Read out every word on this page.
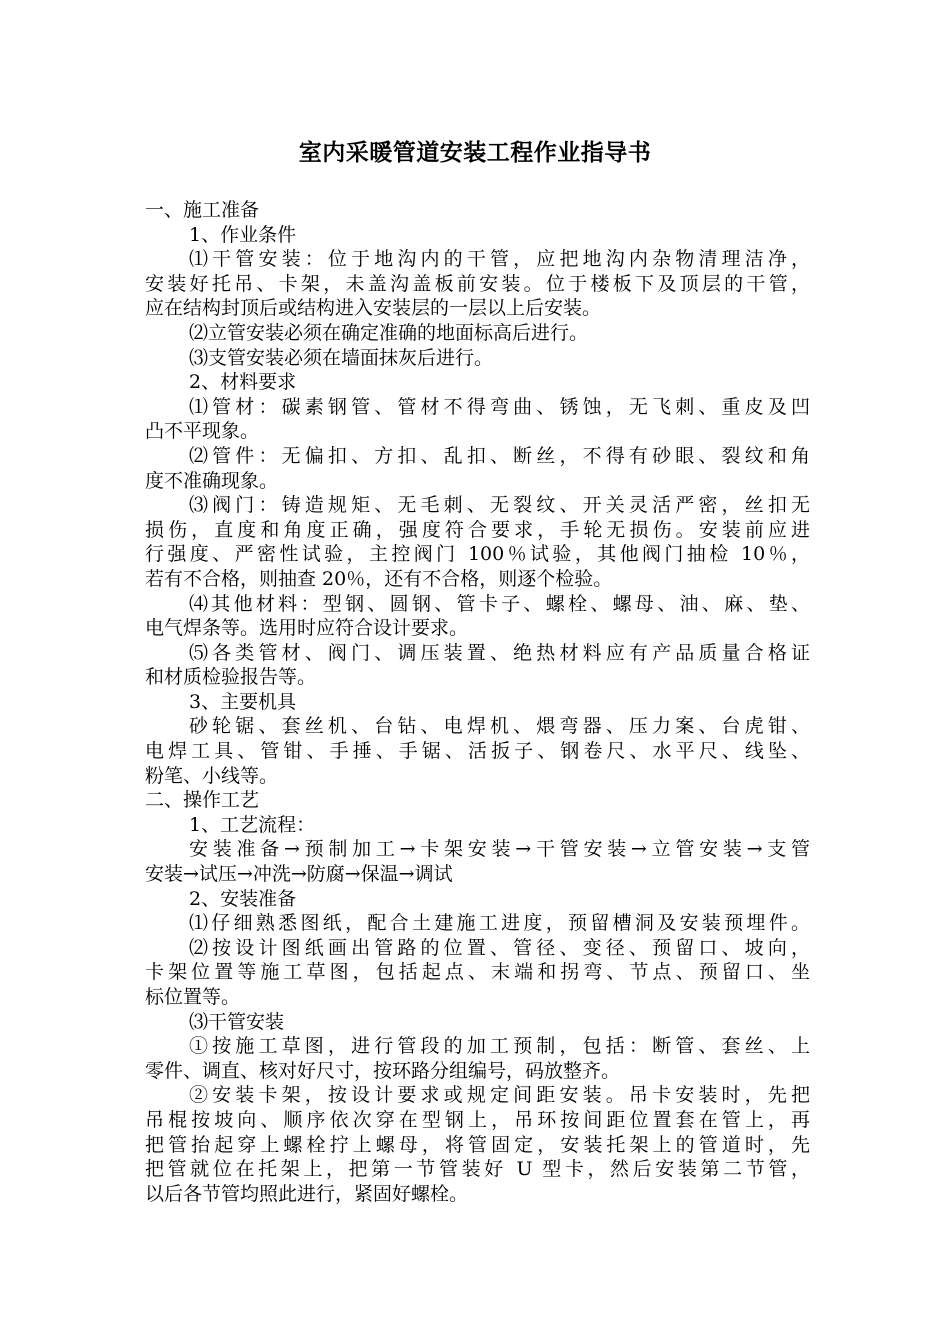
室内采暖管道安装工程作业指导书
一、施工准备
1、作业条件
⑴干管安装：位于地沟内的干管，应把地沟内杂物清理洁净，
安装好托吊、卡架，未盖沟盖板前安装。位于楼板下及顶层的干管，
应在结构封顶后或结构进入安装层的一层以上后安装。
⑵立管安装必须在确定准确的地面标高后进行。
⑶支管安装必须在墙面抹灰后进行。
2、材料要求
⑴管材：碳素钢管、管材不得弯曲、锈蚀，无飞刺、重皮及凹
凸不平现象。
⑵管件：无偏扣、方扣、乱扣、断丝，不得有砂眼、裂纹和角
度不准确现象。
⑶阀门：铸造规矩、无毛刺、无裂纹、开关灵活严密，丝扣无
损伤，直度和角度正确，强度符合要求，手轮无损伤。安装前应进
行强度、严密性试验，主控阀门 100％试验，其他阀门抽检 10％，
若有不合格，则抽查 20％，还有不合格，则逐个检验。
⑷其他材料：型钢、圆钢、管卡子、螺栓、螺母、油、麻、垫、
电气焊条等。选用时应符合设计要求。
⑸各类管材、阀门、调压装置、绝热材料应有产品质量合格证
和材质检验报告等。
3、主要机具
砂轮锯、套丝机、台钻、电焊机、煨弯器、压力案、台虎钳、
电焊工具、管钳、手捶、手锯、活扳子、钢卷尺、水平尺、线坠、
粉笔、小线等。
二、操作工艺
1、工艺流程：
安装准备→预制加工→卡架安装→干管安装→立管安装→支管
安装→试压→冲洗→防腐→保温→调试
2、安装准备
⑴仔细熟悉图纸，配合土建施工进度，预留槽洞及安装预埋件。
⑵按设计图纸画出管路的位置、管径、变径、预留口、坡向，
卡架位置等施工草图，包括起点、末端和拐弯、节点、预留口、坐
标位置等。
⑶干管安装
①按施工草图，进行管段的加工预制，包括：断管、套丝、上
零件、调直、核对好尺寸，按环路分组编号，码放整齐。
②安装卡架，按设计要求或规定间距安装。吊卡安装时，先把
吊棍按坡向、顺序依次穿在型钢上，吊环按间距位置套在管上，再
把管抬起穿上螺栓拧上螺母，将管固定，安装托架上的管道时，先
把管就位在托架上，把第一节管装好 U 型卡，然后安装第二节管，
以后各节管均照此进行，紧固好螺栓。
